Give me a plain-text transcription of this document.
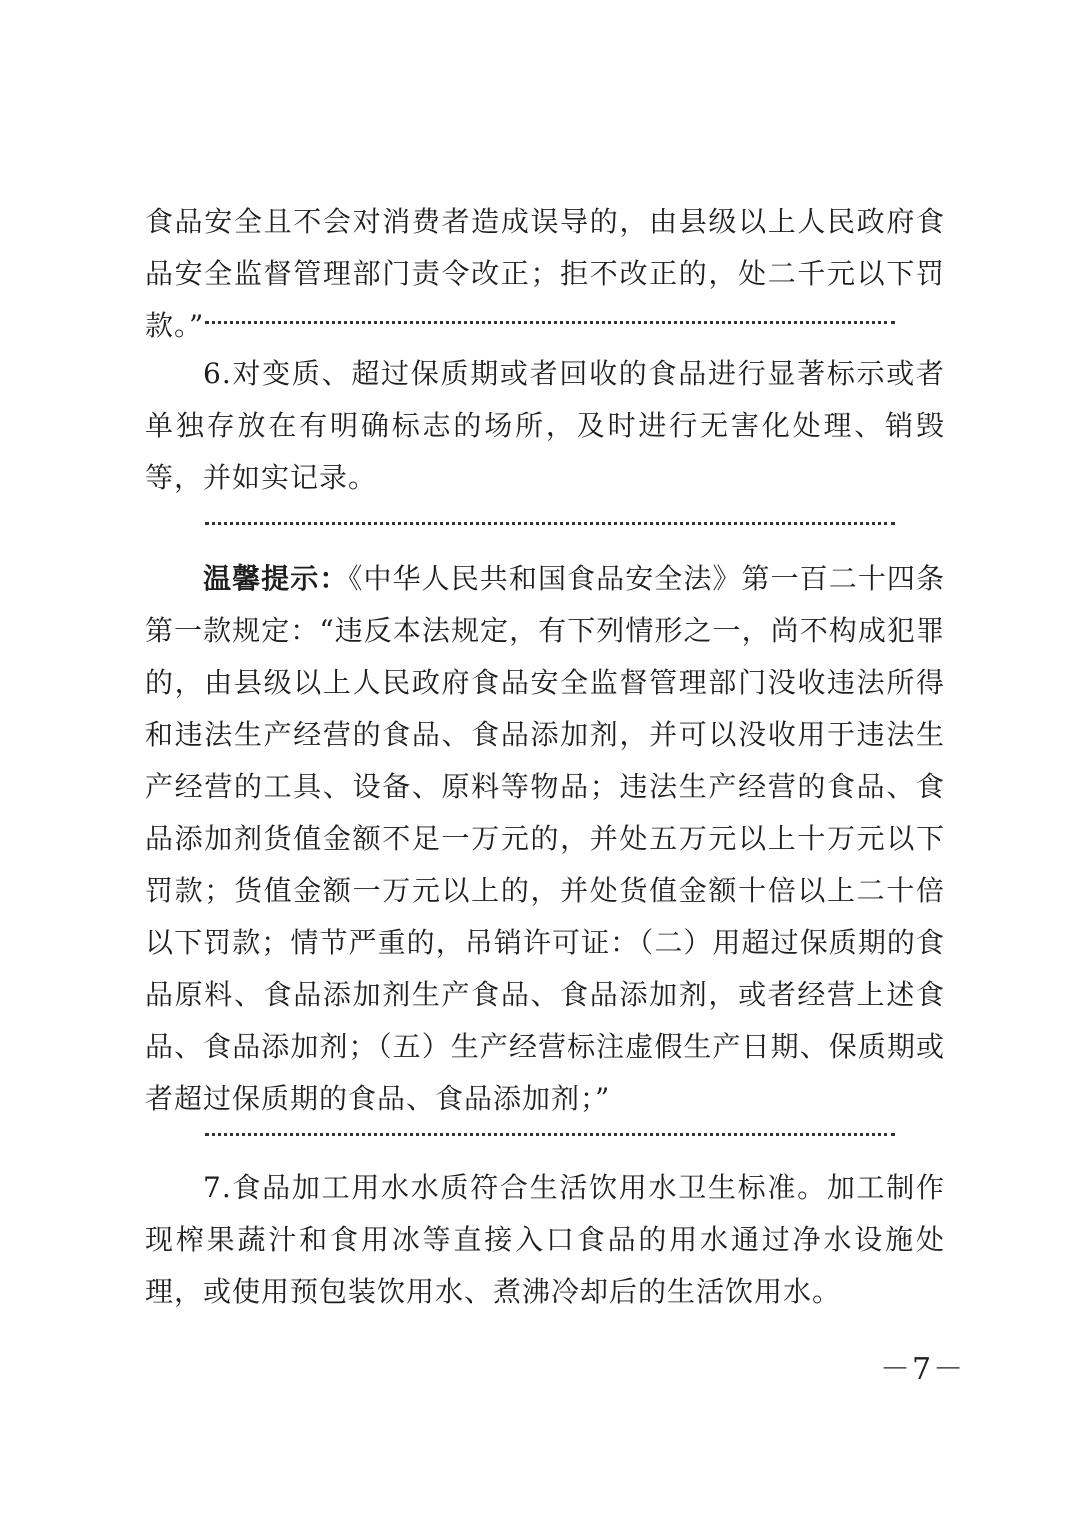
食品安全且不会对消费者造成误导的，由县级以上人民政府食品安全监督管理部门责令改正；拒不改正的，处二千元以下罚款。”

6.对变质、超过保质期或者回收的食品进行显著标示或者单独存放在有明确标志的场所，及时进行无害化处理、销毁等，并如实记录。

温馨提示：《中华人民共和国食品安全法》第一百二十四条第一款规定：“违反本法规定，有下列情形之一，尚不构成犯罪的，由县级以上人民政府食品安全监督管理部门没收违法所得和违法生产经营的食品、食品添加剂，并可以没收用于违法生产经营的工具、设备、原料等物品；违法生产经营的食品、食品添加剂货值金额不足一万元的，并处五万元以上十万元以下罚款；货值金额一万元以上的，并处货值金额十倍以上二十倍以下罚款；情节严重的，吊销许可证：（二）用超过保质期的食品原料、食品添加剂生产食品、食品添加剂，或者经营上述食品、食品添加剂；（五）生产经营标注虚假生产日期、保质期或者超过保质期的食品、食品添加剂；”

7.食品加工用水水质符合生活饮用水卫生标准。加工制作现榨果蔬汁和食用冰等直接入口食品的用水通过净水设施处理，或使用预包装饮用水、煮沸冷却后的生活饮用水。

－7－
